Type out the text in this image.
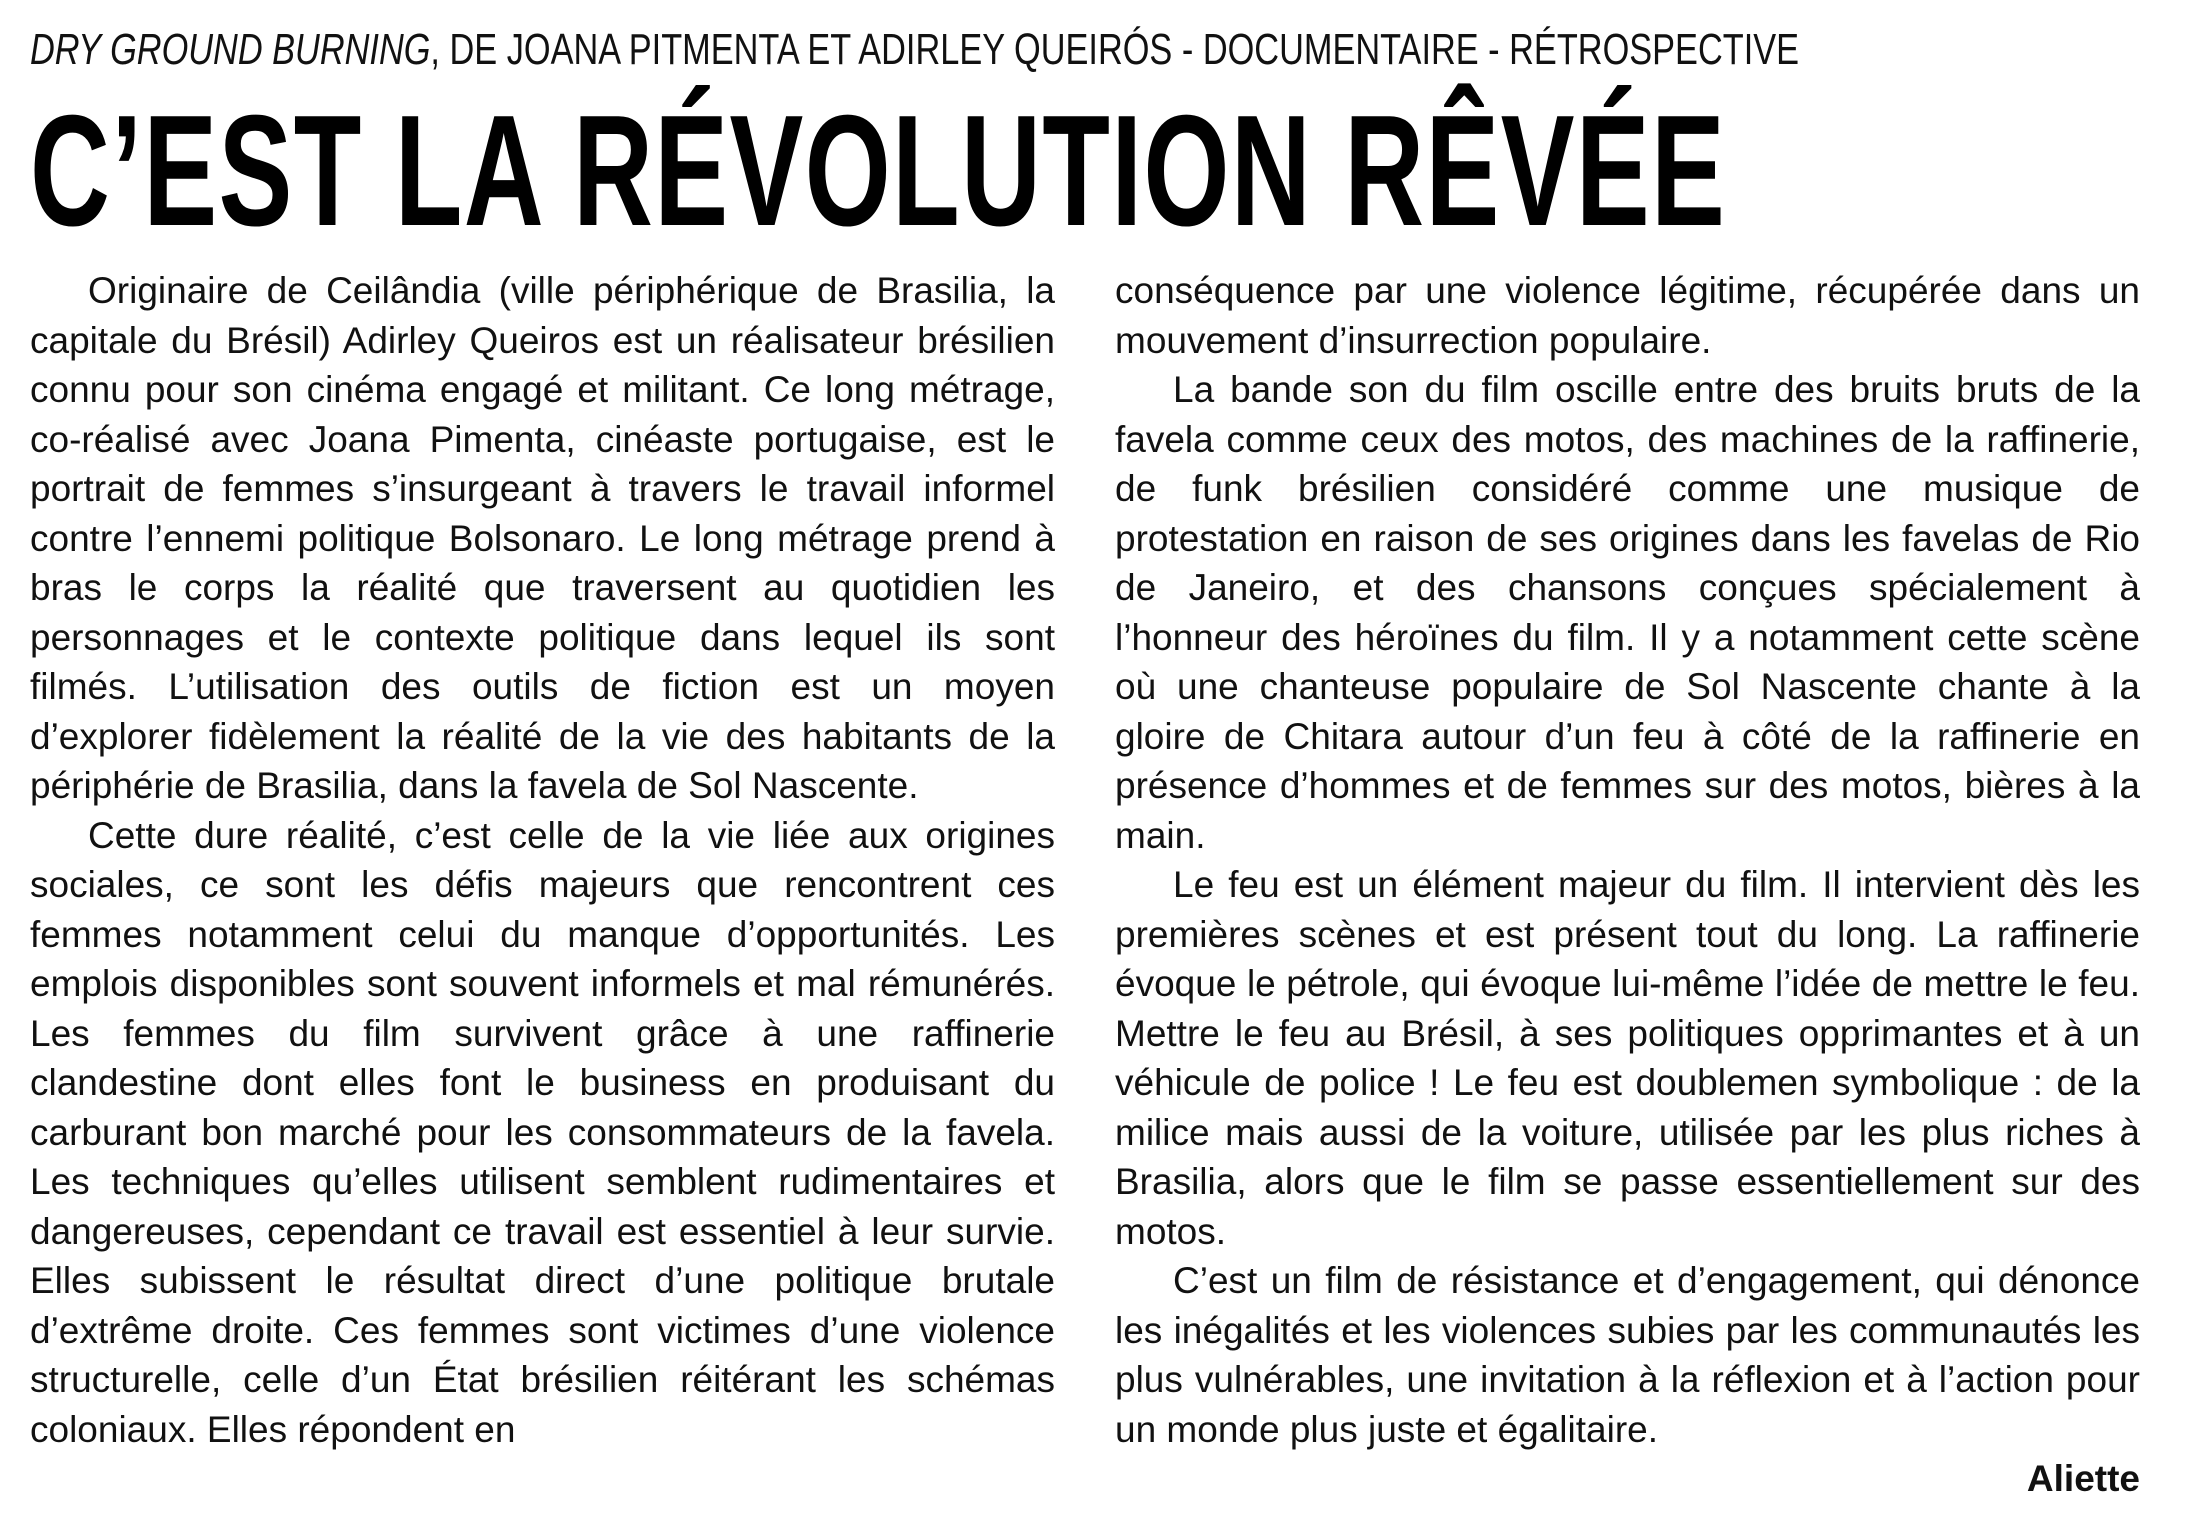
DRY GROUND BURNING, DE JOANA PITMENTA ET ADIRLEY QUEIRÓS - DOCUMENTAIRE - RÉTROSPECTIVE
C’EST LA RÉVOLUTION RÊVÉE

Originaire de Ceilândia (ville périphérique de Brasilia, la capitale du Brésil) Adirley Queiros est un réalisateur brésilien connu pour son cinéma engagé et militant. Ce long métrage, co-réalisé avec Joana Pimenta, cinéaste portugaise, est le portrait de femmes s’insurgeant à travers le travail informel contre l’ennemi politique Bolsonaro. Le long métrage prend à bras le corps la réalité que traversent au quotidien les personnages et le contexte politique dans lequel ils sont filmés. L’utilisation des outils de fiction est un moyen d’explorer fidèlement la réalité de la vie des habitants de la périphérie de Brasilia, dans la favela de Sol Nascente.

Cette dure réalité, c’est celle de la vie liée aux origines sociales, ce sont les défis majeurs que rencontrent ces femmes notamment celui du manque d’opportunités. Les emplois disponibles sont souvent informels et mal rémunérés. Les femmes du film survivent grâce à une raffinerie clandestine dont elles font le business en produisant du carburant bon marché pour les consommateurs de la favela. Les techniques qu’elles utilisent semblent rudimentaires et dangereuses, cependant ce travail est essentiel à leur survie. Elles subissent le résultat direct d’une politique brutale d’extrême droite. Ces femmes sont victimes d’une violence structurelle, celle d’un État brésilien réitérant les schémas coloniaux. Elles répondent en

conséquence par une violence légitime, récupérée dans un mouvement d’insurrection populaire.

La bande son du film oscille entre des bruits bruts de la favela comme ceux des motos, des machines de la raffinerie, de funk brésilien considéré comme une musique de protestation en raison de ses origines dans les favelas de Rio de Janeiro, et des chansons conçues spécialement à l’honneur des héroïnes du film. Il y a notamment cette scène où une chanteuse populaire de Sol Nascente chante à la gloire de Chitara autour d’un feu à côté de la raffinerie en présence d’hommes et de femmes sur des motos, bières à la main.

Le feu est un élément majeur du film. Il intervient dès les premières scènes et est présent tout du long. La raffinerie évoque le pétrole, qui évoque lui-même l’idée de mettre le feu. Mettre le feu au Brésil, à ses politiques opprimantes et à un véhicule de police ! Le feu est doublemen symbolique : de la milice mais aussi de la voiture, utilisée par les plus riches à Brasilia, alors que le film se passe essentiellement sur des motos.

C’est un film de résistance et d’engagement, qui dénonce les inégalités et les violences subies par les communautés les plus vulnérables, une invitation à la réflexion et à l’action pour un monde plus juste et égalitaire.

Aliette
